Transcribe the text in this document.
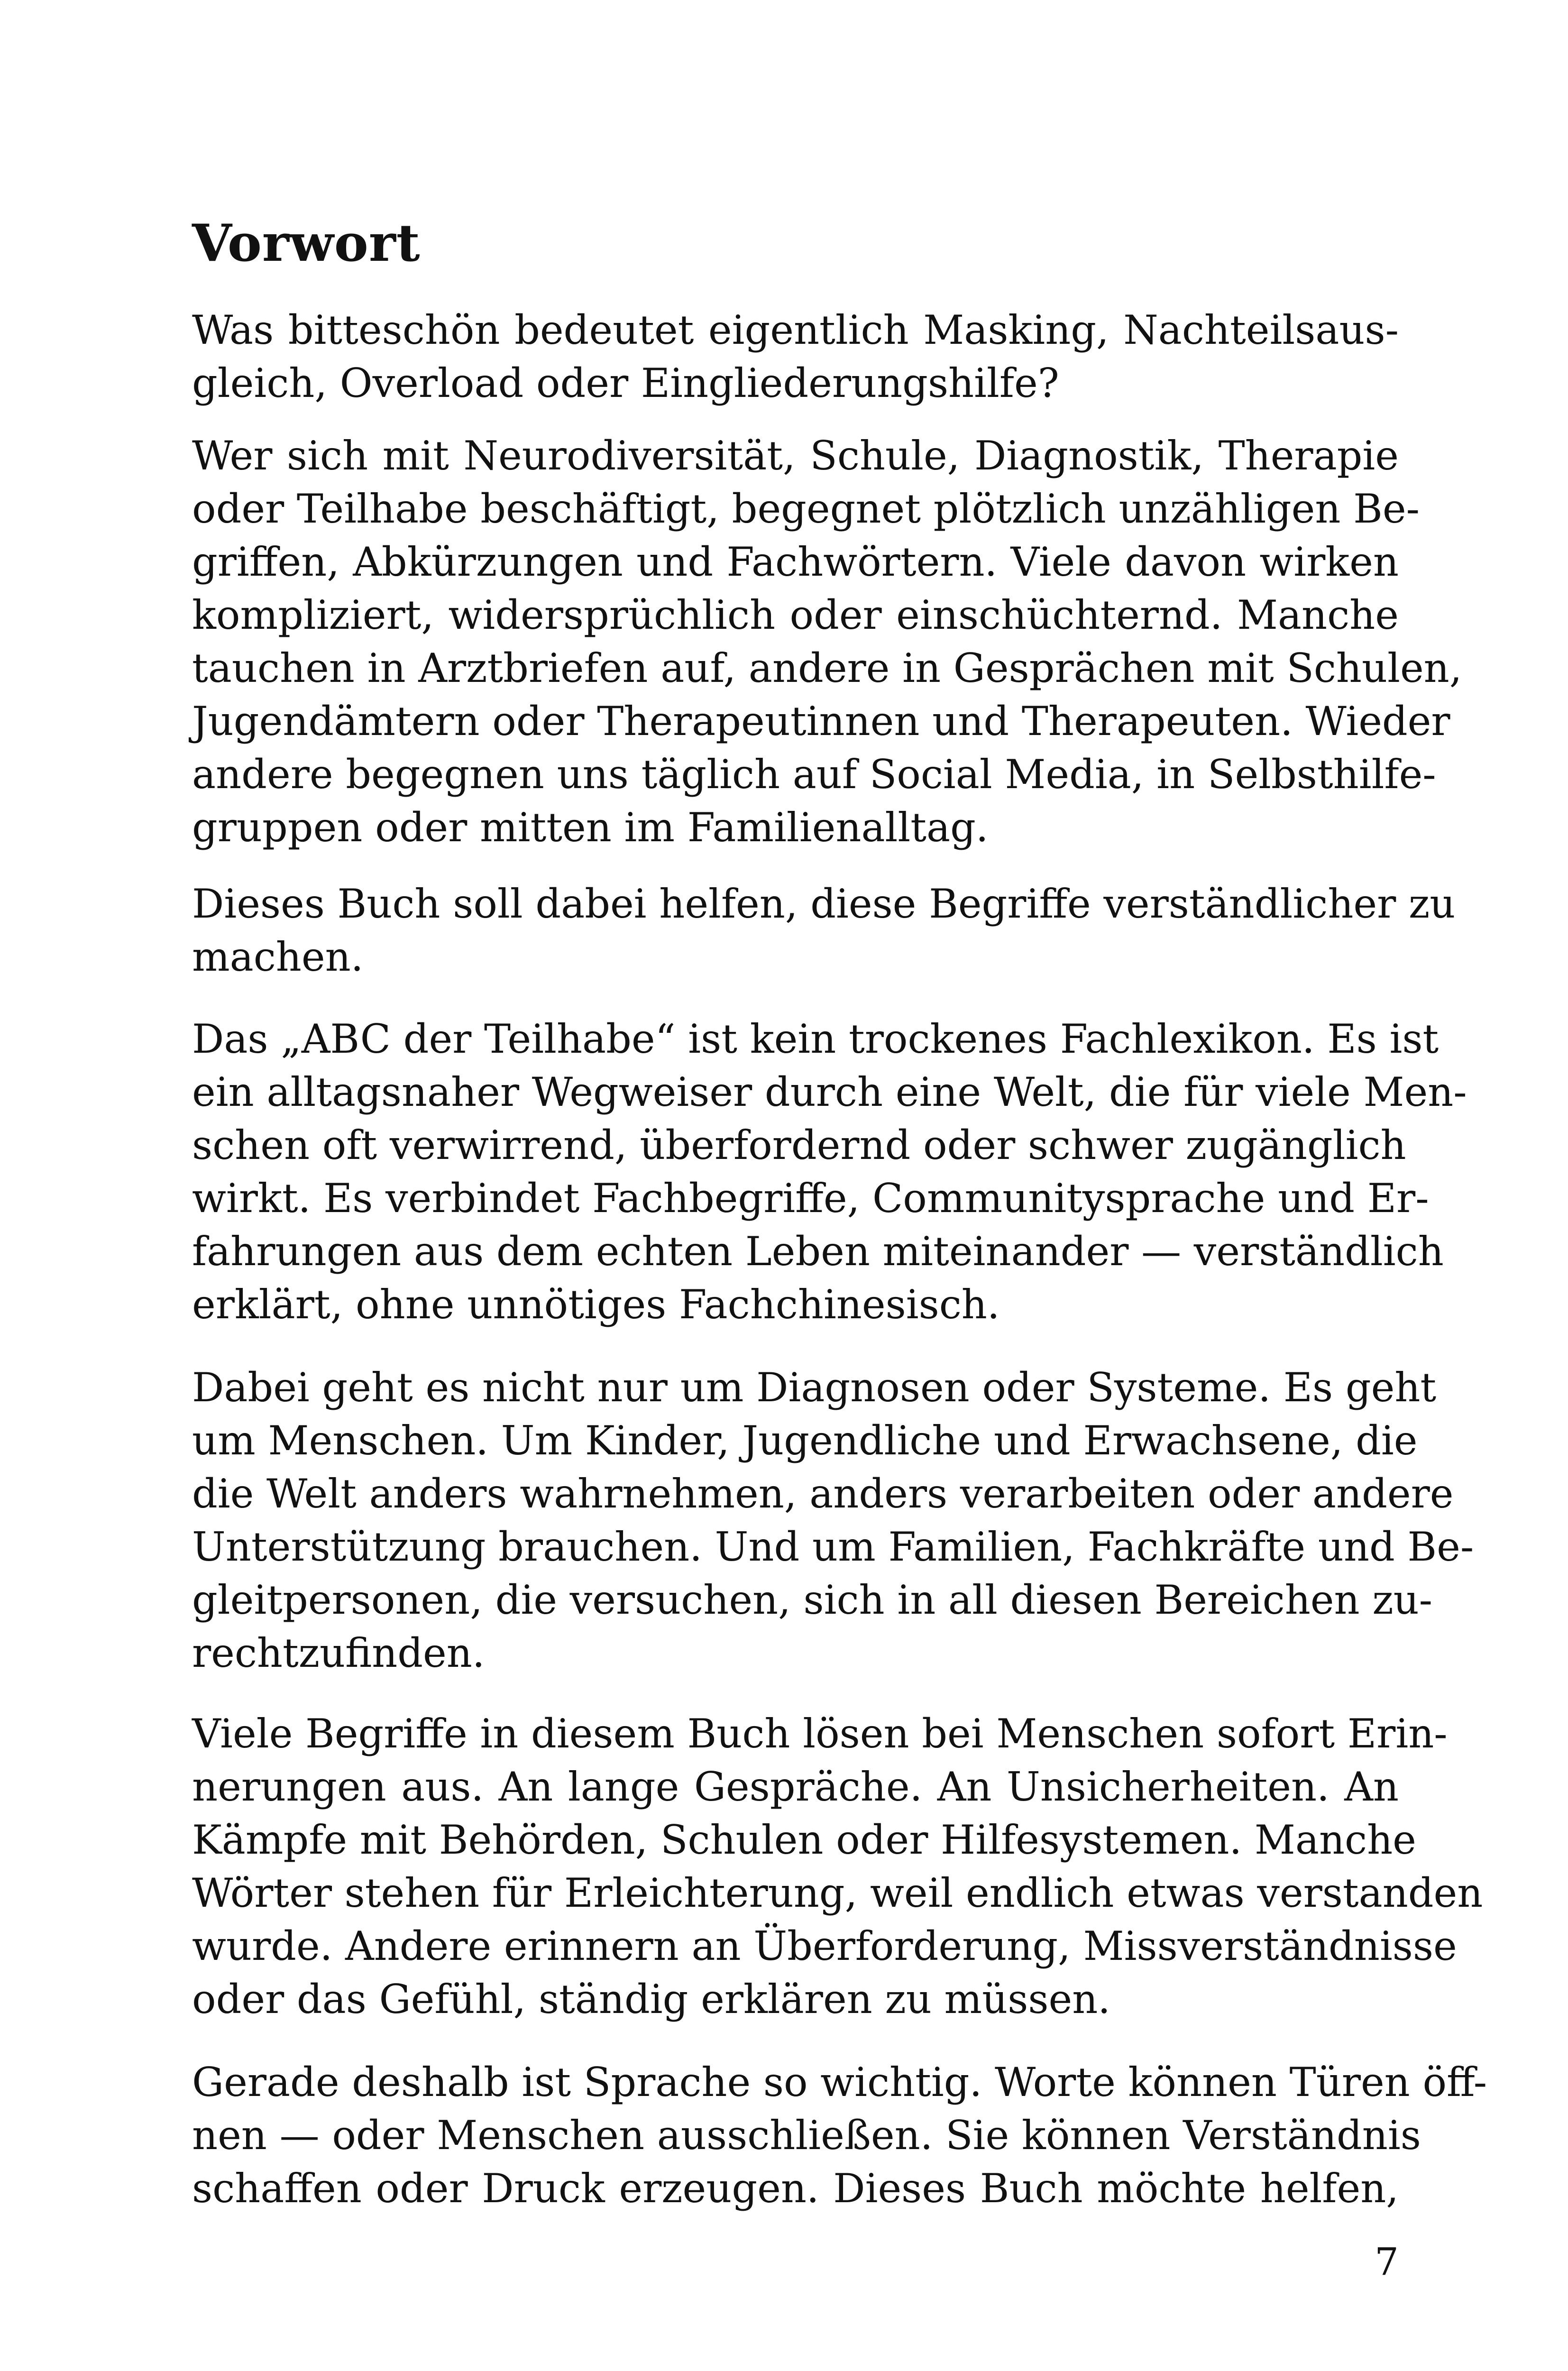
Vorwort
Was bitteschön bedeutet eigentlich Masking, Nachteilsaus-
gleich, Overload oder Eingliederungshilfe?
Wer sich mit Neurodiversität, Schule, Diagnostik, Therapie
oder Teilhabe beschäftigt, begegnet plötzlich unzähligen Be-
griffen, Abkürzungen und Fachwörtern. Viele davon wirken
kompliziert, widersprüchlich oder einschüchternd. Manche
tauchen in Arztbriefen auf, andere in Gesprächen mit Schulen,
Jugendämtern oder Therapeutinnen und Therapeuten. Wieder
andere begegnen uns täglich auf Social Media, in Selbsthilfe-
gruppen oder mitten im Familienalltag.
Dieses Buch soll dabei helfen, diese Begriffe verständlicher zu
machen.
Das „ABC der Teilhabe“ ist kein trockenes Fachlexikon. Es ist
ein alltagsnaher Wegweiser durch eine Welt, die für viele Men-
schen oft verwirrend, überfordernd oder schwer zugänglich
wirkt. Es verbindet Fachbegriffe, Communitysprache und Er-
fahrungen aus dem echten Leben miteinander — verständlich
erklärt, ohne unnötiges Fachchinesisch.
Dabei geht es nicht nur um Diagnosen oder Systeme. Es geht
um Menschen. Um Kinder, Jugendliche und Erwachsene, die
die Welt anders wahrnehmen, anders verarbeiten oder andere
Unterstützung brauchen. Und um Familien, Fachkräfte und Be-
gleitpersonen, die versuchen, sich in all diesen Bereichen zu-
rechtzufinden.
Viele Begriffe in diesem Buch lösen bei Menschen sofort Erin-
nerungen aus. An lange Gespräche. An Unsicherheiten. An
Kämpfe mit Behörden, Schulen oder Hilfesystemen. Manche
Wörter stehen für Erleichterung, weil endlich etwas verstanden
wurde. Andere erinnern an Überforderung, Missverständnisse
oder das Gefühl, ständig erklären zu müssen.
Gerade deshalb ist Sprache so wichtig. Worte können Türen öff-
nen — oder Menschen ausschließen. Sie können Verständnis
schaffen oder Druck erzeugen. Dieses Buch möchte helfen,
7
